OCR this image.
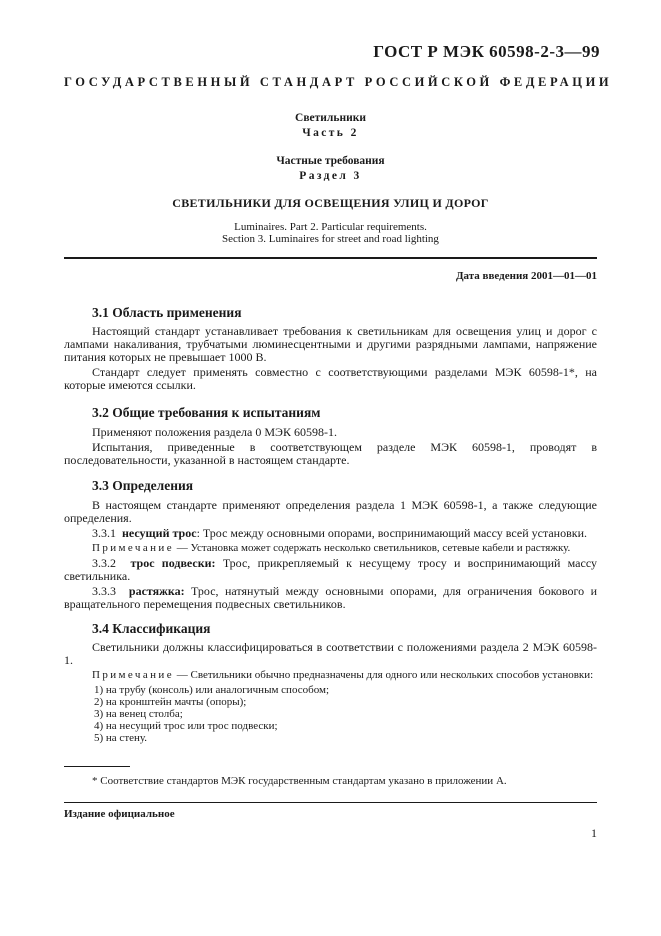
ГОСТ Р МЭК 60598-2-3—99
ГОСУДАРСТВЕННЫЙ СТАНДАРТ РОССИЙСКОЙ ФЕДЕРАЦИИ
Светильники
Часть 2
Частные требования
Раздел 3
СВЕТИЛЬНИКИ ДЛЯ ОСВЕЩЕНИЯ УЛИЦ И ДОРОГ
Luminaires. Part 2. Particular requirements.
Section 3. Luminaires for street and road lighting
Дата введения 2001—01—01
3.1 Область применения
Настоящий стандарт устанавливает требования к светильникам для освещения улиц и дорог с лампами накаливания, трубчатыми люминесцентными и другими разрядными лампами, напряжение питания которых не превышает 1000 В.
Стандарт следует применять совместно с соответствующими разделами МЭК 60598-1*, на которые имеются ссылки.
3.2 Общие требования к испытаниям
Применяют положения раздела 0 МЭК 60598-1.
Испытания, приведенные в соответствующем разделе МЭК 60598-1, проводят в последовательности, указанной в настоящем стандарте.
3.3 Определения
В настоящем стандарте применяют определения раздела 1 МЭК 60598-1, а также следующие определения.
3.3.1 несущий трос: Трос между основными опорами, воспринимающий массу всей установки.
Примечание — Установка может содержать несколько светильников, сетевые кабели и растяжку.
3.3.2 трос подвески: Трос, прикрепляемый к несущему тросу и воспринимающий массу светильника.
3.3.3 растяжка: Трос, натянутый между основными опорами, для ограничения бокового и вращательного перемещения подвесных светильников.
3.4 Классификация
Светильники должны классифицироваться в соответствии с положениями раздела 2 МЭК 60598-1.
Примечание — Светильники обычно предназначены для одного или нескольких способов установки:
1) на трубу (консоль) или аналогичным способом;
2) на кронштейн мачты (опоры);
3) на венец столба;
4) на несущий трос или трос подвески;
5) на стену.
* Соответствие стандартов МЭК государственным стандартам указано в приложении А.
Издание официальное
1
